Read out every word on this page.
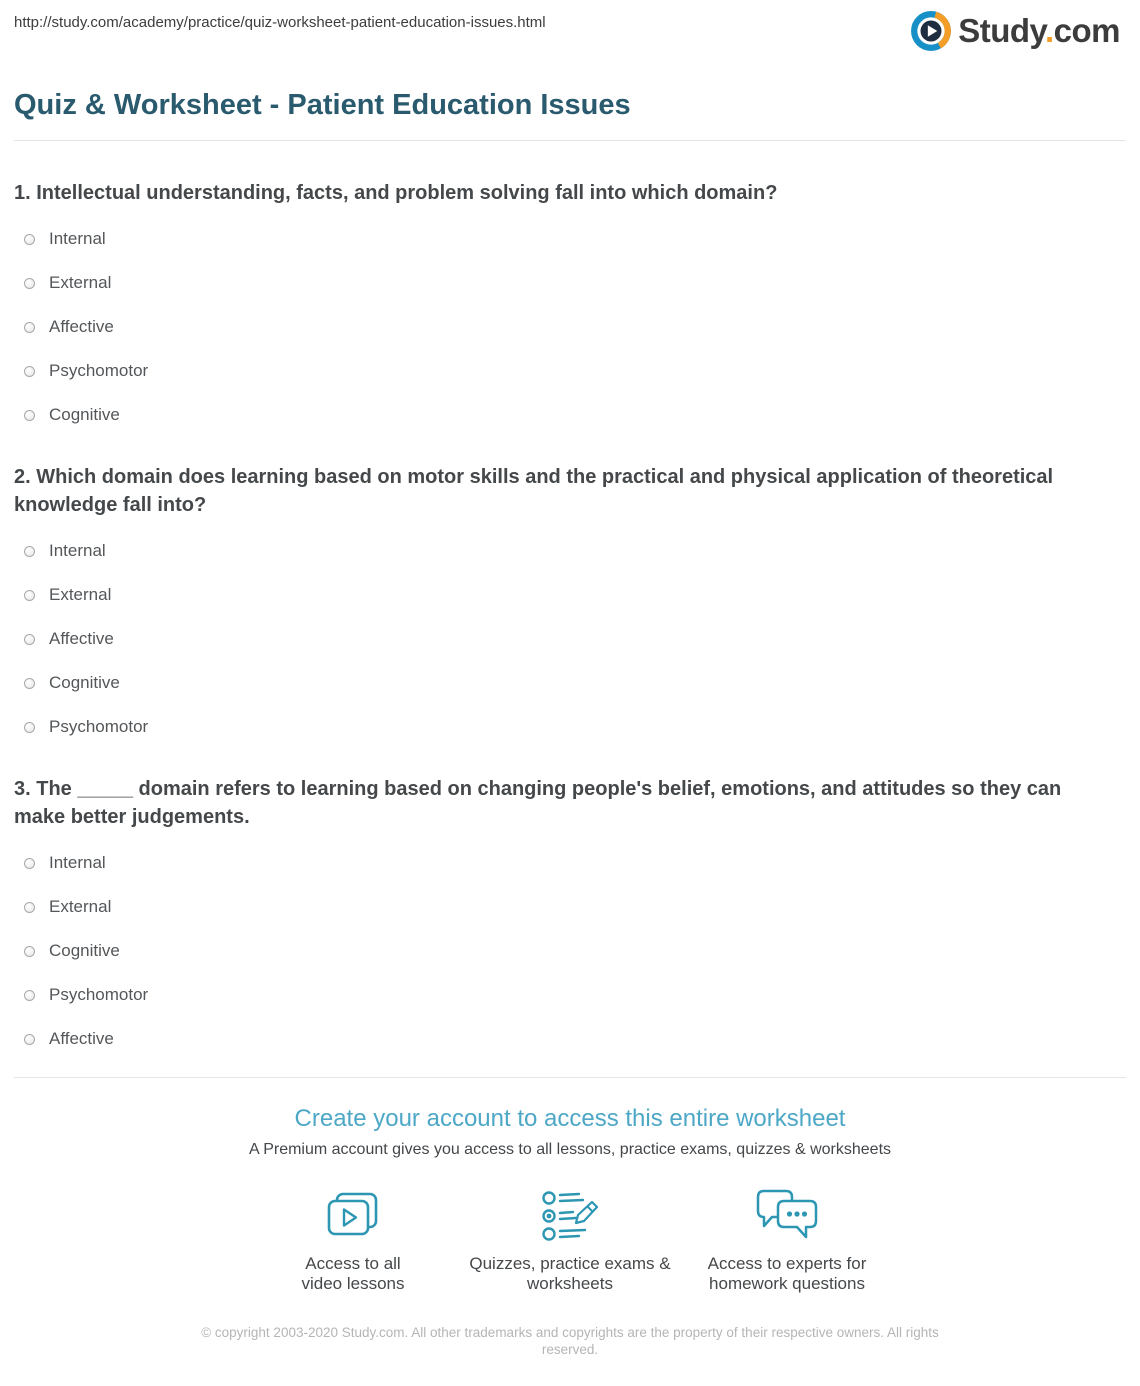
http://study.com/academy/practice/quiz-worksheet-patient-education-issues.html	Study.com
Quiz & Worksheet - Patient Education Issues
1. Intellectual understanding, facts, and problem solving fall into which domain?
Internal
External
Affective
Psychomotor
Cognitive
2. Which domain does learning based on motor skills and the practical and physical application of theoretical knowledge fall into?
Internal
External
Affective
Cognitive
Psychomotor
3. The _____ domain refers to learning based on changing people's belief, emotions, and attitudes so they can make better judgements.
Internal
External
Cognitive
Psychomotor
Affective
Create your account to access this entire worksheet
A Premium account gives you access to all lessons, practice exams, quizzes & worksheets
Access to all video lessons
Quizzes, practice exams & worksheets
Access to experts for homework questions
© copyright 2003-2020 Study.com. All other trademarks and copyrights are the property of their respective owners. All rights reserved.
